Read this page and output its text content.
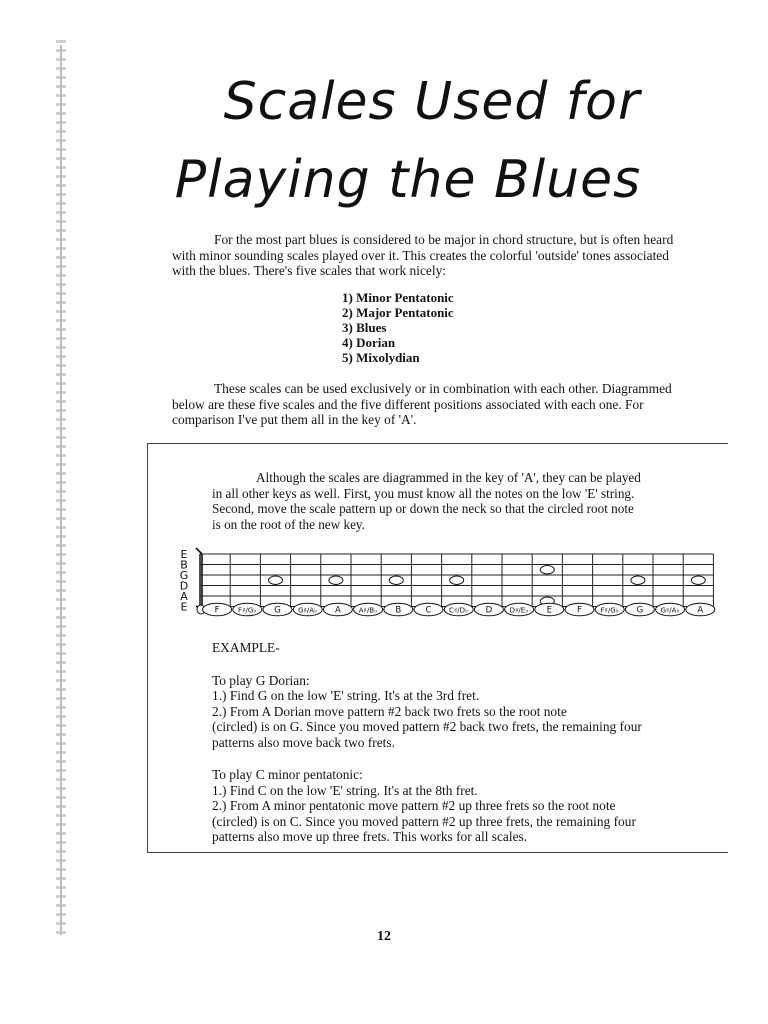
Scales Used for
Playing the Blues
For the most part blues is considered to be major in chord structure, but is often heard
with minor sounding scales played over it. This creates the colorful 'outside' tones associated
with the blues. There's five scales that work nicely:
1) Minor Pentatonic
2) Major Pentatonic
3) Blues
4) Dorian
5) Mixolydian
These scales can be used exclusively or in combination with each other. Diagrammed
below are these five scales and the five different positions associated with each one. For
comparison I've put them all in the key of 'A'.
Although the scales are diagrammed in the key of 'A', they can be played
in all other keys as well. First, you must know all the notes on the low 'E' string.
Second, move the scale pattern up or down the neck so that the circled root note
is on the root of the new key.
E
B
G
D
A
E	F	F♯/G♭ G G♯/A♭ A	A♯/B♭ B	C	C♯/D♭ D D♯/E♭ E	F	F♯/G♭ G G♯/A♭ A
EXAMPLE-
To play G Dorian:
1.) Find G on the low 'E' string. It's at the 3rd fret.
2.) From A Dorian move pattern #2 back two frets so the root note
(circled) is on G. Since you moved pattern #2 back two frets, the remaining four
patterns also move back two frets.
To play C minor pentatonic:
1.) Find C on the low 'E' string. It's at the 8th fret.
2.) From A minor pentatonic move pattern #2 up three frets so the root note
(circled) is on C. Since you moved pattern #2 up three frets, the remaining four
patterns also move up three frets. This works for all scales.
12
